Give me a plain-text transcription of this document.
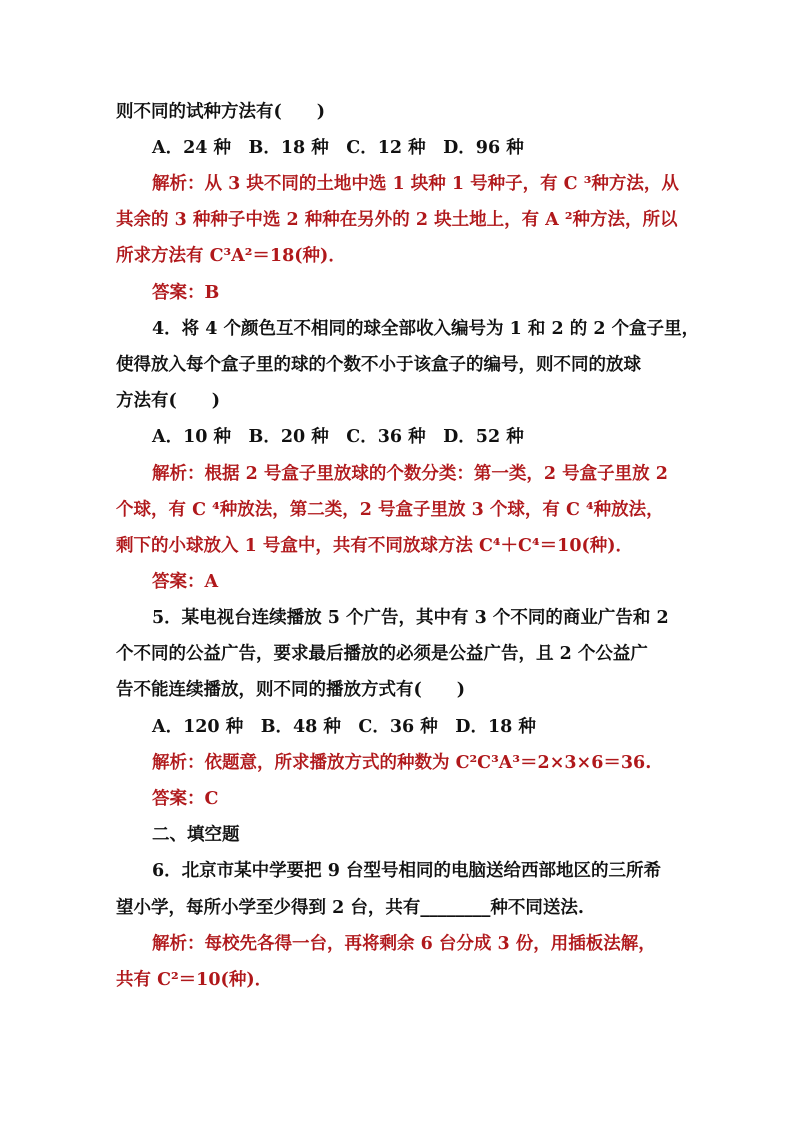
则不同的试种方法有(　　)
A．24 种　B．18 种　C．12 种　D．96 种
解析：从 3 块不同的土地中选 1 块种 1 号种子，有 C ³种方法，从
其余的 3 种种子中选 2 种种在另外的 2 块土地上，有 A ²种方法，所以
所求方法有 C³A²＝18(种)．
答案：B
4．将 4 个颜色互不相同的球全部收入编号为 1 和 2 的 2 个盒子里，
使得放入每个盒子里的球的个数不小于该盒子的编号，则不同的放球
方法有(　　)
A．10 种　B．20 种　C．36 种　D．52 种
解析：根据 2 号盒子里放球的个数分类：第一类，2 号盒子里放 2
个球，有 C ⁴种放法，第二类，2 号盒子里放 3 个球，有 C ⁴种放法，
剩下的小球放入 1 号盒中，共有不同放球方法 C⁴＋C⁴＝10(种)．
答案：A
5．某电视台连续播放 5 个广告，其中有 3 个不同的商业广告和 2
个不同的公益广告，要求最后播放的必须是公益广告，且 2 个公益广
告不能连续播放，则不同的播放方式有(　　)
A．120 种　B．48 种　C．36 种　D．18 种
解析：依题意，所求播放方式的种数为 C²C³A³＝2×3×6＝36.
答案：C
二、填空题
6．北京市某中学要把 9 台型号相同的电脑送给西部地区的三所希
望小学，每所小学至少得到 2 台，共有________种不同送法.
解析：每校先各得一台，再将剩余 6 台分成 3 份，用插板法解，
共有 C²＝10(种)．
